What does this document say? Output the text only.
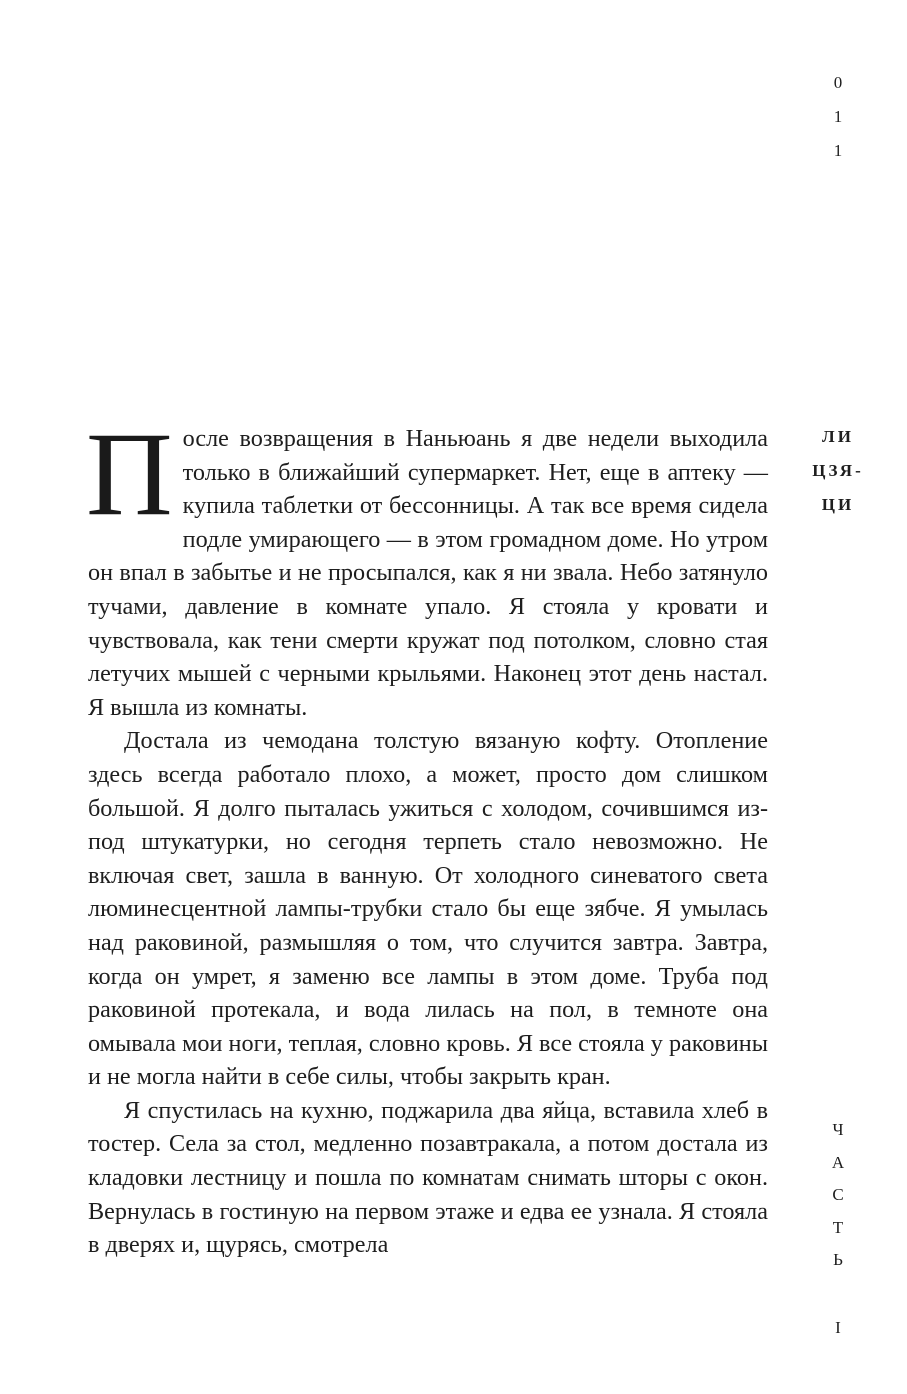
0
1
1
ЛИ
ЦЗЯ-
ЦИ

После возвращения в Наньюань я две недели выходила только в ближайший супермаркет. Нет, еще в аптеку — купила таблетки от бессонницы. А так все время сидела подле умирающего — в этом громадном доме. Но утром он впал в забытье и не просыпался, как я ни звала. Небо затянуло тучами, давление в комнате упало. Я стояла у кровати и чувствовала, как тени смерти кружат под потолком, словно стая летучих мышей с черными крыльями. Наконец этот день настал. Я вышла из комнаты.

Достала из чемодана толстую вязаную кофту. Отопление здесь всегда работало плохо, а может, просто дом слишком большой. Я долго пыталась ужиться с холодом, сочившимся из-под штукатурки, но сегодня терпеть стало невозможно. Не включая свет, зашла в ванную. От холодного синеватого света люминесцентной лампы-трубки стало бы еще зябче. Я умылась над раковиной, размышляя о том, что случится завтра. Завтра, когда он умрет, я заменю все лампы в этом доме. Труба под раковиной протекала, и вода лилась на пол, в темноте она омывала мои ноги, теплая, словно кровь. Я все стояла у раковины и не могла найти в себе силы, чтобы закрыть кран.

Я спустилась на кухню, поджарила два яйца, вставила хлеб в тостер. Села за стол, медленно позавтракала, а потом достала из кладовки лестницу и пошла по комнатам снимать шторы с окон. Вернулась в гостиную на первом этаже и едва ее узнала. Я стояла в дверях и, щурясь, смотрела

Ч
А
С
Т
Ь
I
